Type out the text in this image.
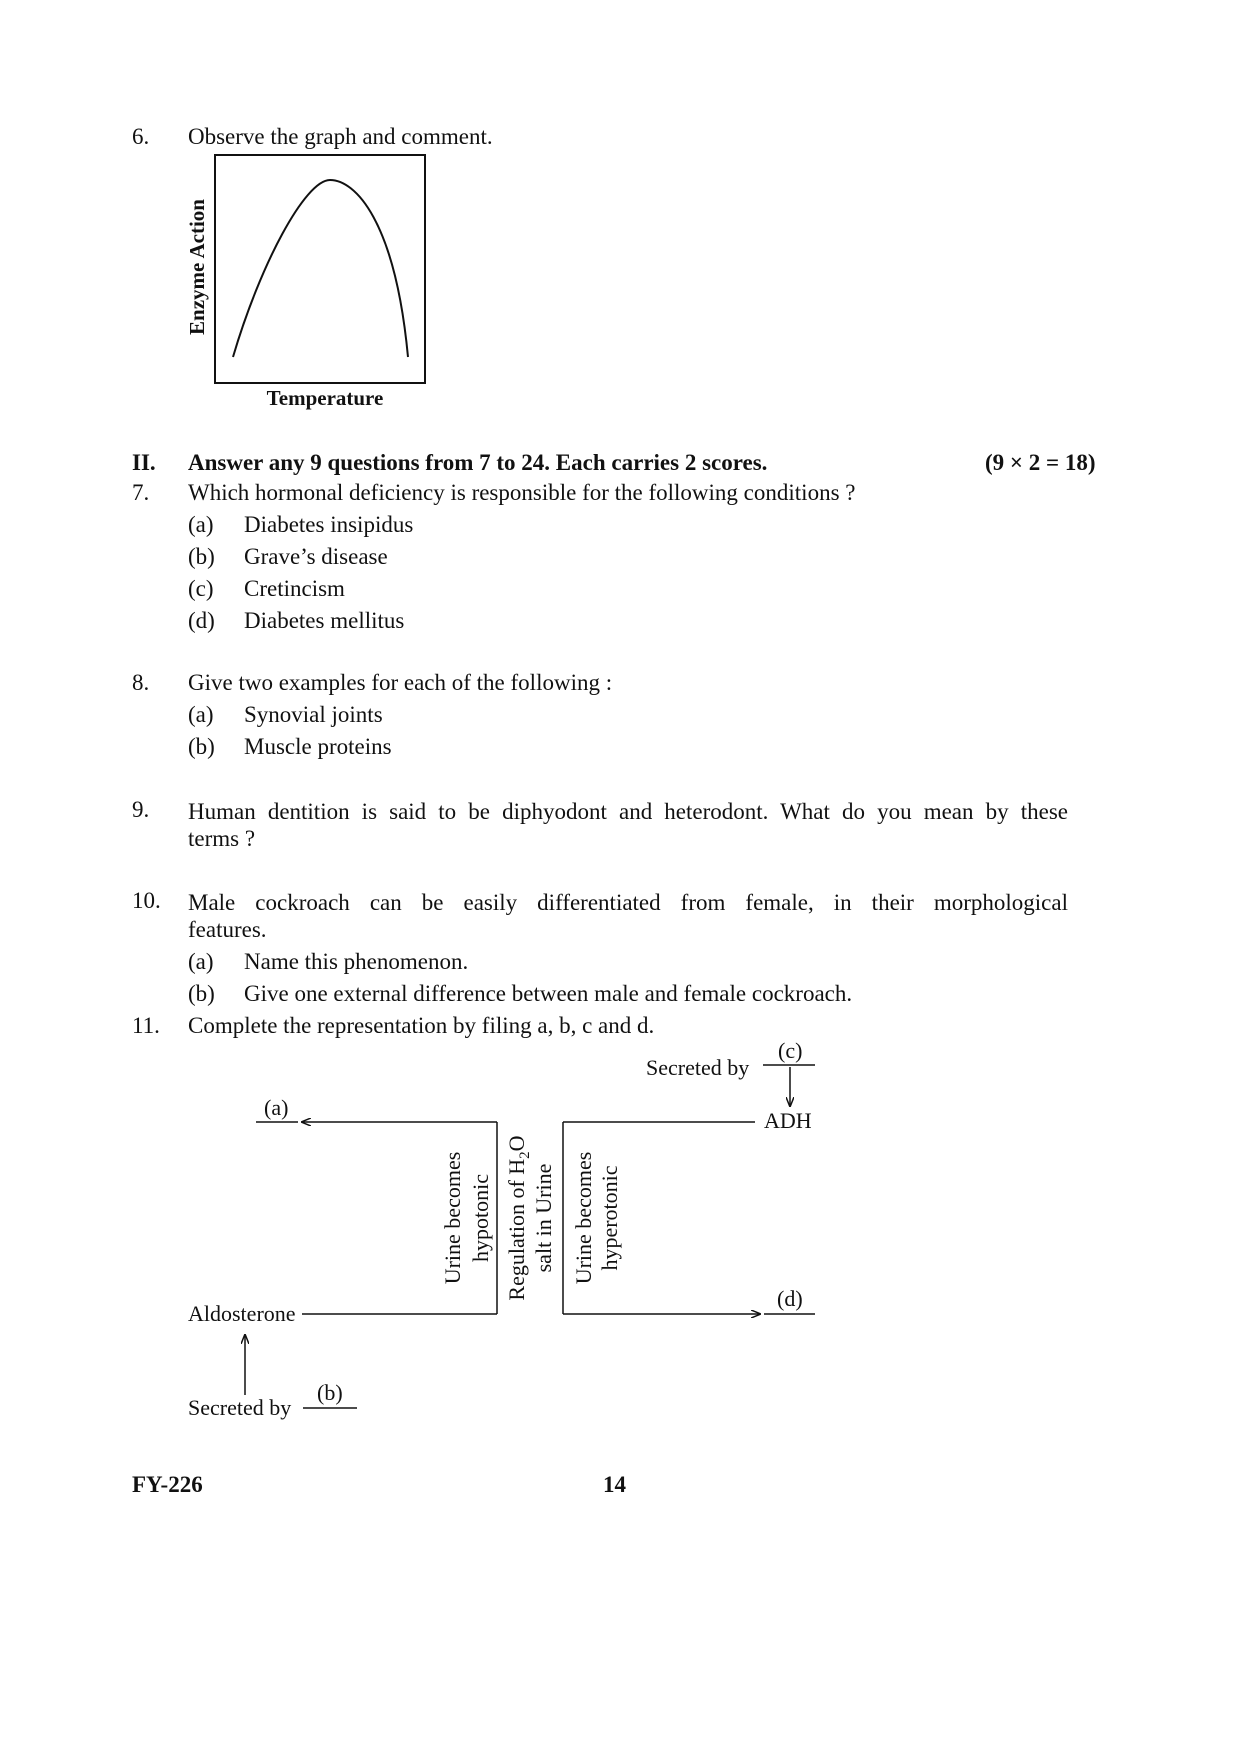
6. Observe the graph and comment.
Enzyme Action
Temperature
II. Answer any 9 questions from 7 to 24. Each carries 2 scores.	(9 × 2 = 18)
7. Which hormonal deficiency is responsible for the following conditions ?
(a) Diabetes insipidus
(b) Grave’s disease
(c) Cretincism
(d) Diabetes mellitus
8. Give two examples for each of the following :
(a) Synovial joints
(b) Muscle proteins
9. Human dentition is said to be diphyodont and heterodont. What do you mean by these
terms ?
10. Male cockroach can be easily differentiated from female, in their morphological
features.
(a) Name this phenomenon.
(b) Give one external difference between male and female cockroach.
11. Complete the representation by filing a, b, c and d.
Secreted by
(c)
ADH
(a)
(d)
Urine becomes hypotonic Regulation of $H_2O$
salt in Urine Urine becomes hyperotonic
Aldosterone
Secreted by
(b)
FY-226	14
